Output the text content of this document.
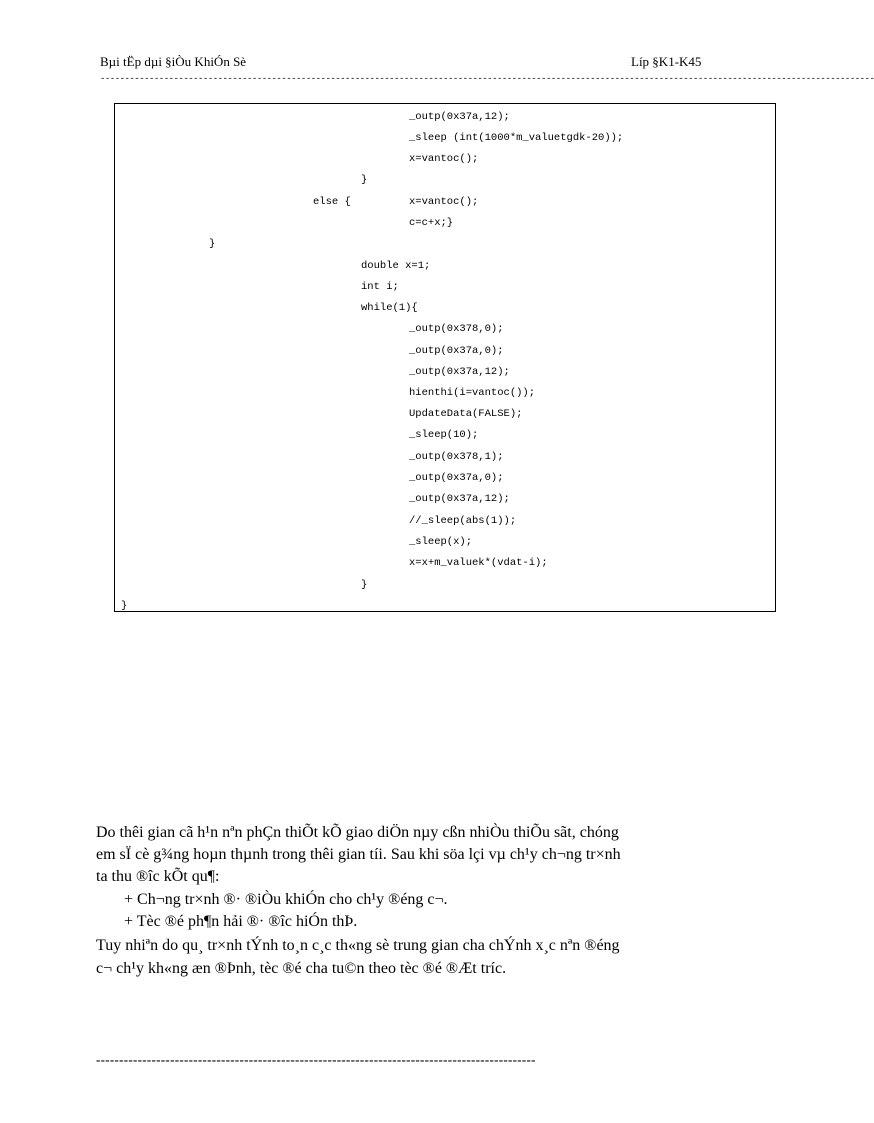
Bµi tËp dµi §iÒu KhiÓn Sè	Líp §K1-K45
--------------------------------------------------------------------------------------------------------------------------------------------------------------
_outp(0x37a,12);
_sleep (int(1000*m_valuetgdk-20));
x=vantoc();
}
else {	x=vantoc();
c=c+x;}
}
double x=1;
int i;
while(1){
_outp(0x378,0);
_outp(0x37a,0);
_outp(0x37a,12);
hienthi(i=vantoc());
UpdateData(FALSE);
_sleep(10);
_outp(0x378,1);
_outp(0x37a,0);
_outp(0x37a,12);
//_sleep(abs(1));
_sleep(x);
x=x+m_valuek*(vdat-i);
}
}
Do thêi gian cã h¹n nªn phÇn thiÕt kÕ giao diÖn nµy cßn nhiÒu thiÕu sãt, chóng
em sÏ cè g¾ng hoµn thµnh trong thêi gian tíi. Sau khi söa lçi vµ ch¹y ch¬ng tr×nh
ta thu ®îc kÕt qu¶:
+ Ch¬ng tr×nh ®· ®iÒu khiÓn cho ch¹y ®éng c¬.
+ Tèc ®é ph¶n hải ®· ®îc hiÓn thÞ.
Tuy nhiªn do qu¸ tr×nh tÝnh to¸n c¸c th«ng sè trung gian cha chÝnh x¸c nªn ®éng
c¬ ch¹y kh«ng æn ®Þnh, tèc ®é cha tu©n theo tèc ®é ®Æt tríc.
-----------------------------------------------------------------------------------------------
